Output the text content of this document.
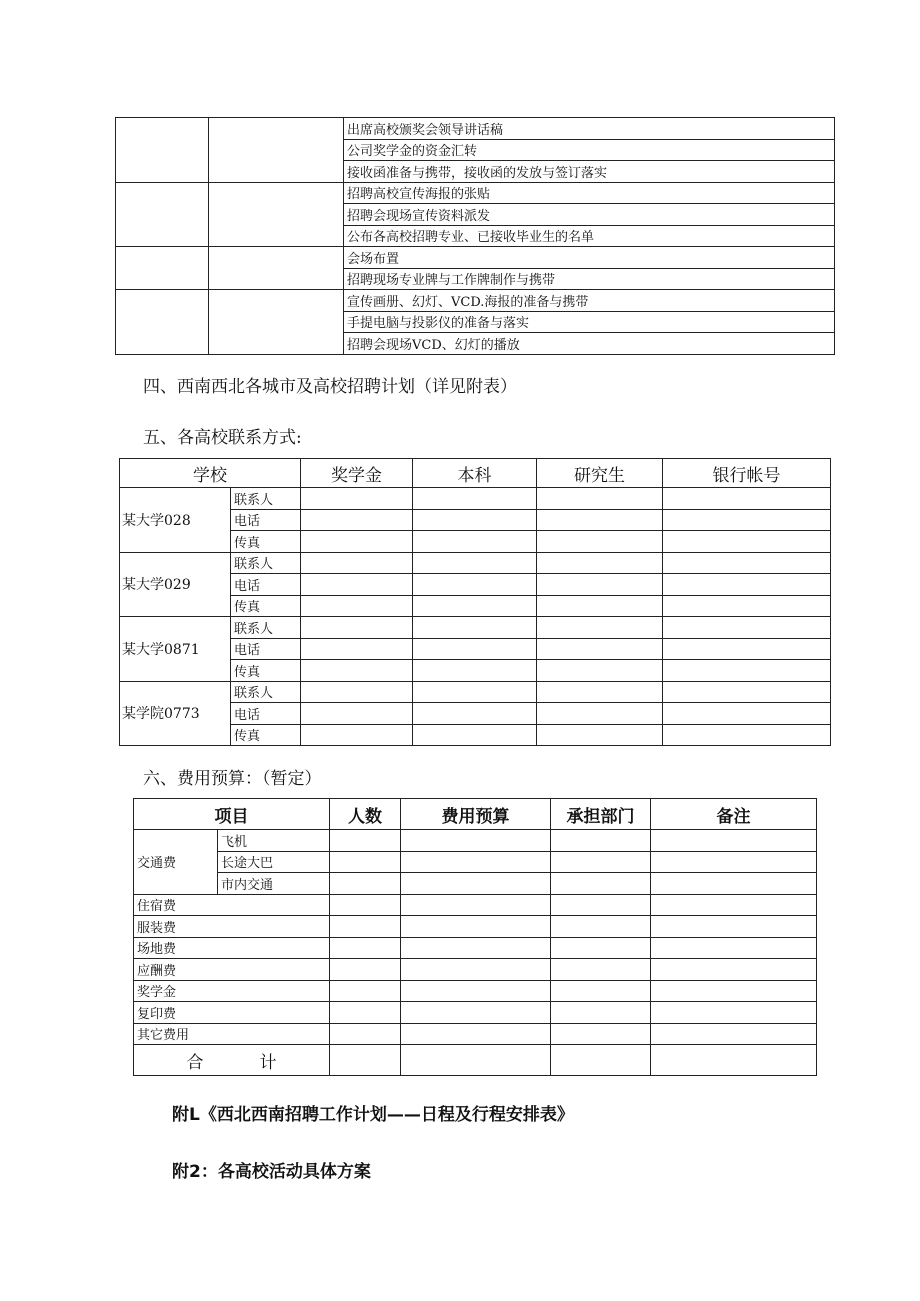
		出席高校颁奖会领导讲话稿
		公司奖学金的资金汇转
		接收函准备与携带，接收函的发放与签订落实
		招聘高校宣传海报的张贴
		招聘会现场宣传资料派发
		公布各高校招聘专业、已接收毕业生的名单
		会场布置
		招聘现场专业牌与工作牌制作与携带
		宣传画册、幻灯、VCD.海报的准备与携带
		手提电脑与投影仪的准备与落实
		招聘会现场VCD、幻灯的播放
四、西南西北各城市及高校招聘计划（详见附表）
五、各高校联系方式:
学校		奖学金	本科	研究生	银行帐号
某大学028	联系人				
	电话				
	传真				
某大学029	联系人				
	电话				
	传真				
某大学0871	联系人				
	电话				
	传真				
某学院0773	联系人				
	电话				
	传真				
六、费用预算：（暂定）
项目		人数	费用预算	承担部门	备注
交通费	飞机				
	长途大巴				
	市内交通				
住宿费					
服装费					
场地费					
应酬费					
奖学金					
复印费					
其它费用					
合 计					
附L《西北西南招聘工作计划——日程及行程安排表》
附2：各高校活动具体方案
